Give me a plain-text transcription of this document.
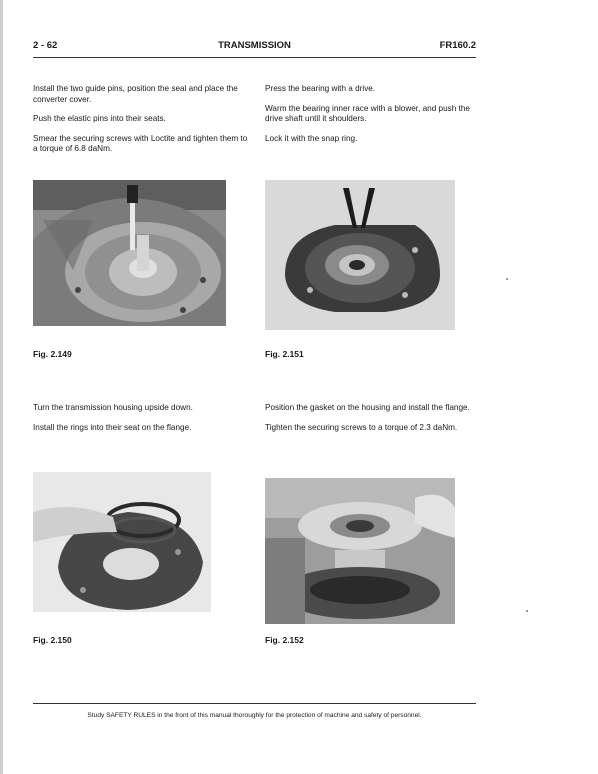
2 - 62	TRANSMISSION	FR160.2

Install the two guide pins, position the seal and place the converter cover.

Push the elastic pins into their seats.

Smear the securing screws with Loctite and tighten them to a torque of 6.8 daNm.

Press the bearing with a drive.

Warm the bearing inner race with a blower, and push the drive shaft until it shoulders.

Lock it with the snap ring.

Fig. 2.149	Fig. 2.151

Turn the transmission housing upside down.

Install the rings into their seat on the flange.

Position the gasket on the housing and install the flange.

Tighten the securing screws to a torque of 2.3 daNm.

Fig. 2.150	Fig. 2.152
Study SAFETY RULES in the front of this manual thoroughly for the protection of machine and safety of personnel.
